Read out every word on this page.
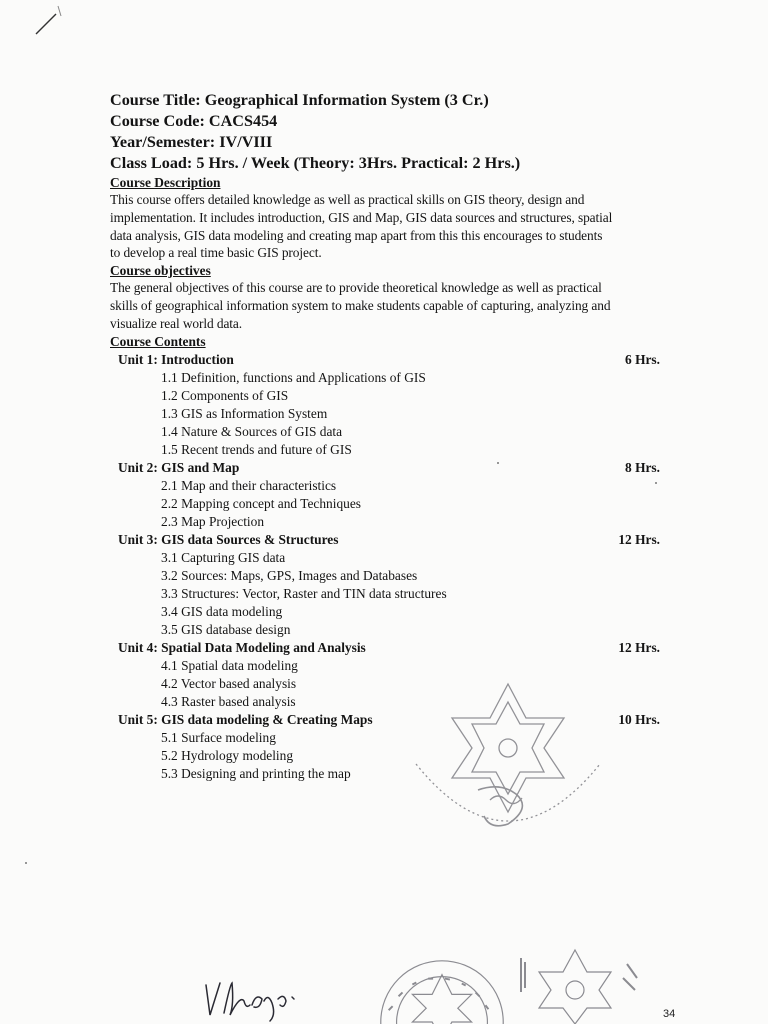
Course Title: Geographical Information System (3 Cr.)
Course Code: CACS454
Year/Semester: IV/VIII
Class Load: 5 Hrs. / Week (Theory: 3Hrs. Practical: 2 Hrs.)
Course Description
This course offers detailed knowledge as well as practical skills on GIS theory, design and
implementation. It includes introduction, GIS and Map, GIS data sources and structures, spatial
data analysis, GIS data modeling and creating map apart from this this encourages to students
to develop a real time basic GIS project.
Course objectives
The general objectives of this course are to provide theoretical knowledge as well as practical
skills of geographical information system to make students capable of capturing, analyzing and
visualize real world data.
Course Contents
Unit 1: Introduction	6 Hrs.
1.1 Definition, functions and Applications of GIS
1.2 Components of GIS
1.3 GIS as Information System
1.4 Nature & Sources of GIS data
1.5 Recent trends and future of GIS
Unit 2: GIS and Map	8 Hrs.
2.1 Map and their characteristics
2.2 Mapping concept and Techniques
2.3 Map Projection
Unit 3: GIS data Sources & Structures	12 Hrs.
3.1 Capturing GIS data
3.2 Sources: Maps, GPS, Images and Databases
3.3 Structures: Vector, Raster and TIN data structures
3.4 GIS data modeling
3.5 GIS database design
Unit 4: Spatial Data Modeling and Analysis	12 Hrs.
4.1 Spatial data modeling
4.2 Vector based analysis
4.3 Raster based analysis
Unit 5: GIS data modeling & Creating Maps	10 Hrs.
5.1 Surface modeling
5.2 Hydrology modeling
5.3 Designing and printing the map
34
